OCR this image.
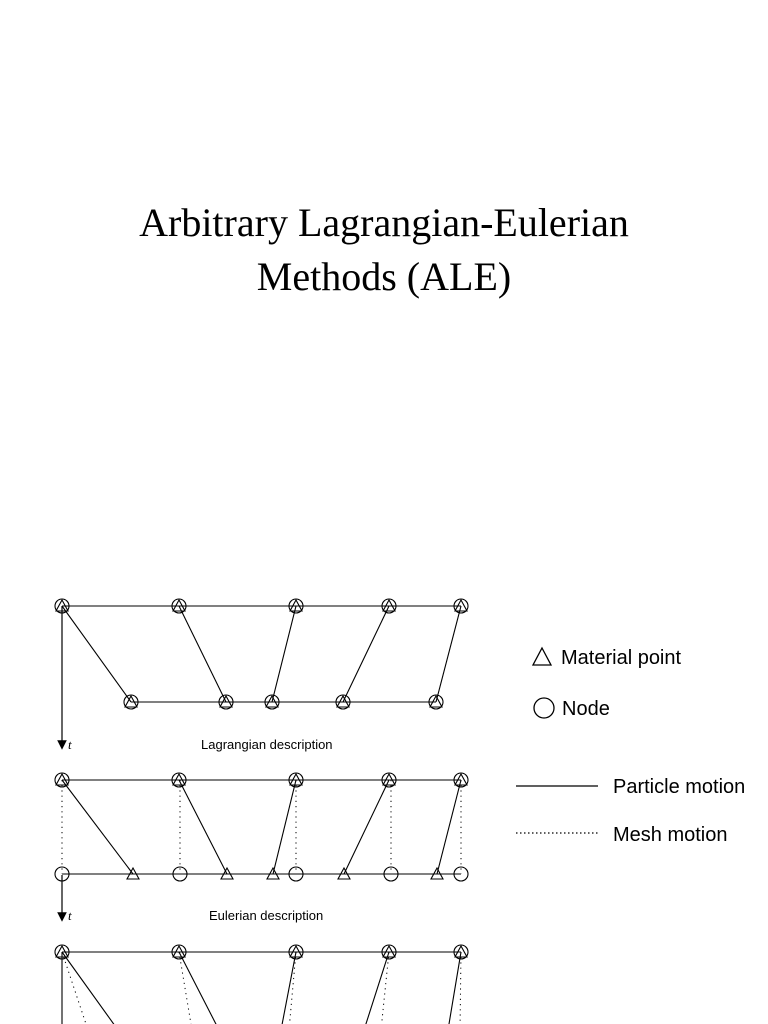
Arbitrary Lagrangian-Eulerian
Methods (ALE)
t	Lagrangian description
t	Eulerian description
Material point
Node
Particle motion
Mesh motion
